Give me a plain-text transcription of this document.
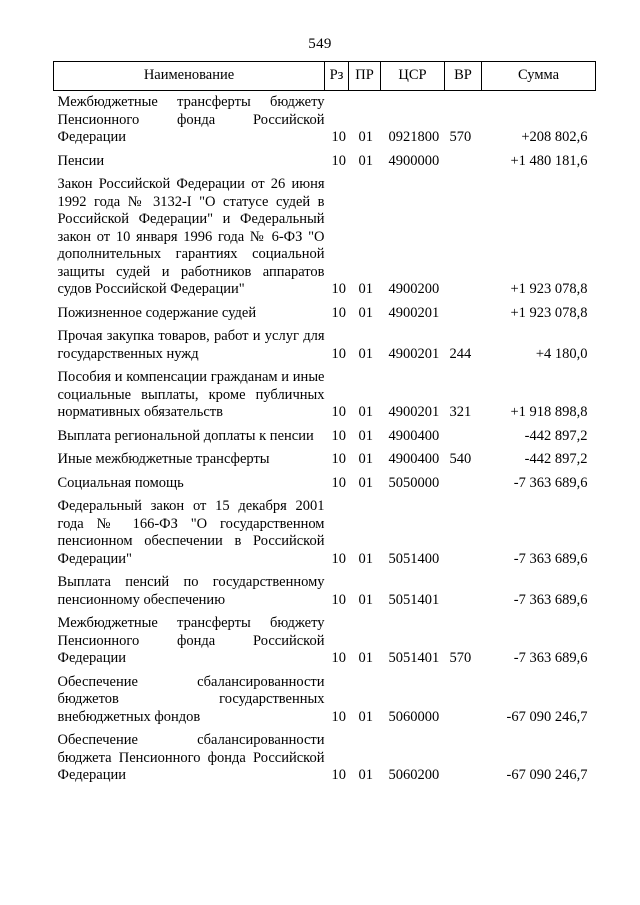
549
Наименование	Рз	ПР	ЦСР	ВР	Сумма
Межбюджетные трансферты бюджету Пенсионного фонда Российской Федерации	10	01	0921800	570	+208 802,6
Пенсии	10	01	4900000		+1 480 181,6
Закон Российской Федерации от 26 июня 1992 года № 3132-I "О статусе судей в Российской Федерации" и Федеральный закон от 10 января 1996 года № 6-ФЗ "О дополнительных гарантиях социальной защиты судей и работников аппаратов судов Российской Федерации"	10	01	4900200		+1 923 078,8
Пожизненное содержание судей	10	01	4900201		+1 923 078,8
Прочая закупка товаров, работ и услуг для государственных нужд	10	01	4900201	244	+4 180,0
Пособия и компенсации гражданам и иные социальные выплаты, кроме публичных нормативных обязательств	10	01	4900201	321	+1 918 898,8
Выплата региональной доплаты к пенсии	10	01	4900400		-442 897,2
Иные межбюджетные трансферты	10	01	4900400	540	-442 897,2
Социальная помощь	10	01	5050000		-7 363 689,6
Федеральный закон от 15 декабря 2001 года № 166-ФЗ "О государственном пенсионном обеспечении в Российской Федерации"	10	01	5051400		-7 363 689,6
Выплата пенсий по государственному пенсионному обеспечению	10	01	5051401		-7 363 689,6
Межбюджетные трансферты бюджету Пенсионного фонда Российской Федерации	10	01	5051401	570	-7 363 689,6
Обеспечение сбалансированности бюджетов государственных внебюджетных фондов	10	01	5060000		-67 090 246,7
Обеспечение сбалансированности бюджета Пенсионного фонда Российской Федерации	10	01	5060200		-67 090 246,7
